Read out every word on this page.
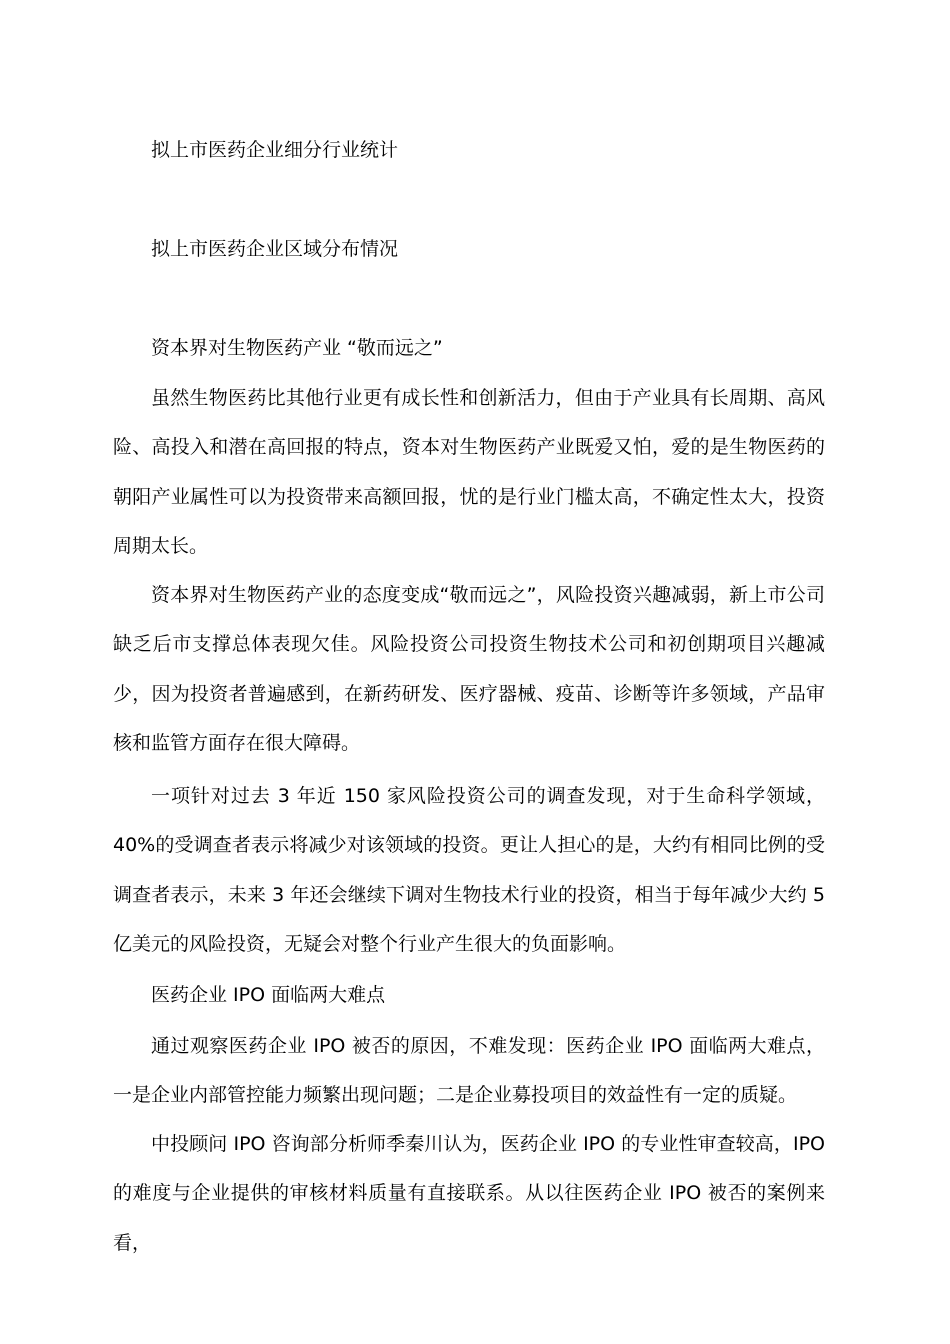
拟上市医药企业细分行业统计
拟上市医药企业区域分布情况
资本界对生物医药产业 “敬而远之”

虽然生物医药比其他行业更有成长性和创新活力，但由于产业具有长周期、高风险、高投入和潜在高回报的特点，资本对生物医药产业既爱又怕，爱的是生物医药的朝阳产业属性可以为投资带来高额回报，忧的是行业门槛太高，不确定性太大，投资周期太长。

资本界对生物医药产业的态度变成“敬而远之”，风险投资兴趣减弱，新上市公司缺乏后市支撑总体表现欠佳。风险投资公司投资生物技术公司和初创期项目兴趣减少，因为投资者普遍感到，在新药研发、医疗器械、疫苗、诊断等许多领域，产品审核和监管方面存在很大障碍。

一项针对过去 3 年近 150 家风险投资公司的调查发现，对于生命科学领域，40%的受调查者表示将减少对该领域的投资。更让人担心的是，大约有相同比例的受调查者表示，未来 3 年还会继续下调对生物技术行业的投资，相当于每年减少大约 5 亿美元的风险投资，无疑会对整个行业产生很大的负面影响。

医药企业 IPO 面临两大难点

通过观察医药企业 IPO 被否的原因，不难发现：医药企业 IPO 面临两大难点，一是企业内部管控能力频繁出现问题；二是企业募投项目的效益性有一定的质疑。

中投顾问 IPO 咨询部分析师季秦川认为，医药企业 IPO 的专业性审查较高，IPO 的难度与企业提供的审核材料质量有直接联系。从以往医药企业 IPO 被否的案例来看，
